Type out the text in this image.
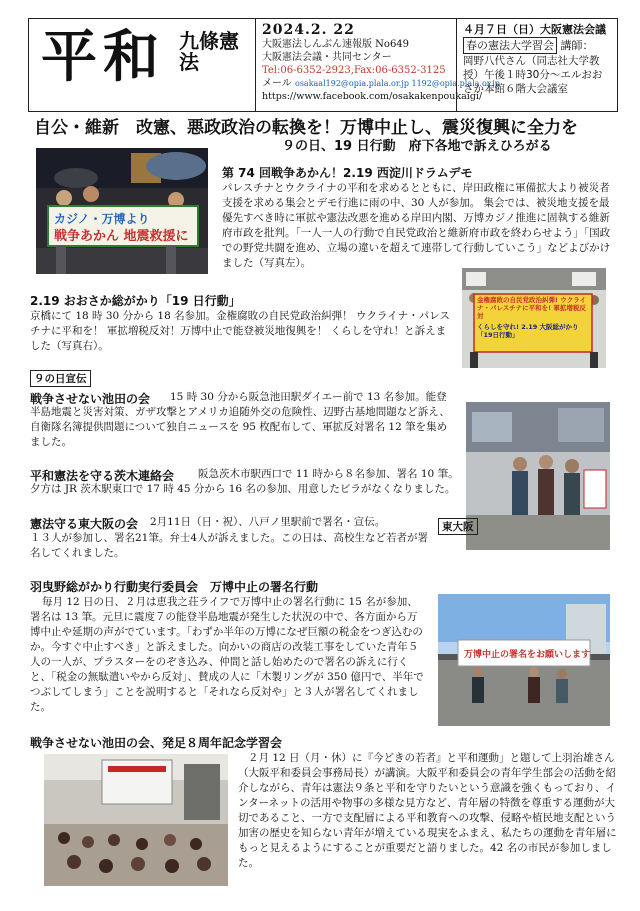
平和 九條憲法
2024.2. 22
大阪憲法しんぶん速報版 No649
大阪憲法会議・共同センター
Tel:06-6352-2923,Fax:06-6352-3125
メール osakaal192@opia.plala.or.jp 1192@opia.plala.or.jp
https://www.facebook.com/osakakenpoukaigi/
４月７日（日）大阪憲法会議
春の憲法大学習会 講師：
岡野八代さん（同志社大学教授）午後１時30分～エルおおさか本館６階大会議室
自公・維新　改憲、悪政政治の転換を！万博中止し、震災復興に全力を
９の日、19 日行動　府下各地で訴えひろがる
カジノ・万博より
戦争あかん 地震救援に
第 74 回戦争あかん！2.19 西淀川ドラムデモ
パレスチナとウクライナの平和を求めるとともに、岸田政権に軍備拡大より被災者支援を求める集会とデモ行進に雨の中、30 人が参加。 集会では、被災地支援を最優先すべき時に軍拡や憲法改悪を進める岸田内閣、万博カジノ推進に固執する維新府市政を批判。「一人一人の行動で自民党政治と維新府市政を終わらせよう」「国政での野党共闘を進め、立場の違いを超えて連帯して行動していこう」などよびかけました（写真左）。
金権腐敗の自民党政治糾弾! ウクライナ・パレスチナに平和を! 軍拡増税反対
くらしを守れ! 2.19 大阪総がかり「19日行動」
2.19 おおさか総がかり「19 日行動」
京橋にて 18 時 30 分から 18 名参加。金権腐敗の自民党政治糾弾！ ウクライナ・パレスチナに平和を！ 軍拡増税反対！万博中止で能登被災地復興を！ くらしを守れ！と訴えました（写真右）。
９の日宣伝
戦争させない池田の会	15 時 30 分から阪急池田駅ダイエー前で 13 名参加。能登半島地震と災害対策、ガザ攻撃とアメリカ追随外交の危険性、辺野古基地問題など訴え、自衛隊名簿提供問題について独自ニュースを 95 枚配布して、軍拡反対署名 12 筆を集めました。
平和憲法を守る茨木連絡会	阪急茨木市駅西口で 11 時から８名参加、署名 10 筆。夕方は JR 茨木駅東口で 17 時 45 分から 16 名の参加、用意したビラがなくなりました。
憲法守る東大阪の会 2月11日（日・祝）、八戸ノ里駅前で署名・宣伝。
１３人が参加し、署名21筆。弁士4人が訴えました。この日は、高校生など若者が署名してくれました。
東大阪
羽曳野総がかり行動実行委員会　万博中止の署名行動
毎月 12 日の日、２月は恵我之荘ライフで万博中止の署名行動に 15 名が参加、署名は 13 筆。元旦に震度７の能登半島地震が発生した状況の中で、各方面から万博中止や延期の声がでています。「わずか半年の万博になぜ巨額の税金をつぎ込むのか。今すぐ中止すべき」と訴えました。向かいの商店の改装工事をしていた青年５人の一人が、プラスターをのぞき込み、仲間と話し始めたので署名の訴えに行くと、「税金の無駄遣いやから反対」、賛成の人に「木製リングが 350 億円で、半年でつぶしてしまう」ことを説明すると「それなら反対や」と３人が署名してくれました。
万博中止の署名をお願いします
戦争させない池田の会、発足８周年記念学習会
２月 12 日（月・休）に『今どきの若者』と平和運動」と題して上羽治雄さん（大阪平和委員会事務局長）が講演。大阪平和委員会の青年学生部会の活動を紹介しながら、青年は憲法９条と平和を守りたいという意識を強くもっており、インターネットの活用や物事の多様な見方など、青年層の特徴を尊重する運動が大切であること、一方で支配層による平和教育への攻撃、侵略や植民地支配という加害の歴史を知らない青年が増えている現実をふまえ、私たちの運動を青年層にもっと見えるようにすることが重要だと語りました。42 名の市民が参加しました。
